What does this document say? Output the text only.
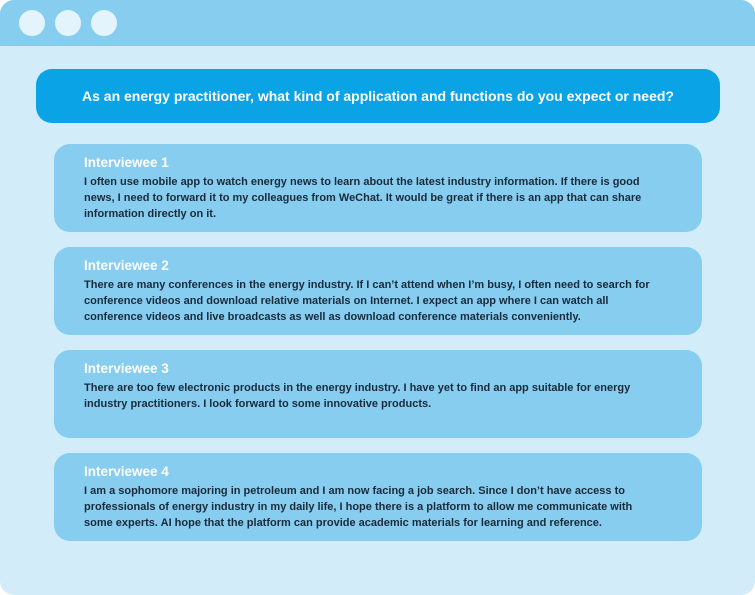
As an energy practitioner, what kind of application and functions do you expect or need?
Interviewee 1
I often use mobile app to watch energy news to learn about the latest industry information. If there is good news, I need to forward it to my colleagues from WeChat. It would be great if there is an app that can share information directly on it.
Interviewee 2
There are many conferences in the energy industry. If I can’t attend when I’m busy, I often need to search for conference videos and download relative materials on Internet. I expect an app where I can watch all conference videos and live broadcasts as well as download conference materials conveniently.
Interviewee 3
There are too few electronic products in the energy industry. I have yet to find an app suitable for energy industry practitioners. I look forward to some innovative products.
Interviewee 4
I am a sophomore majoring in petroleum and I am now facing a job search. Since I don’t have access to professionals of energy industry in my daily life, I hope there is a platform to allow me communicate with some experts. AI hope that the platform can provide academic materials for learning and reference.
